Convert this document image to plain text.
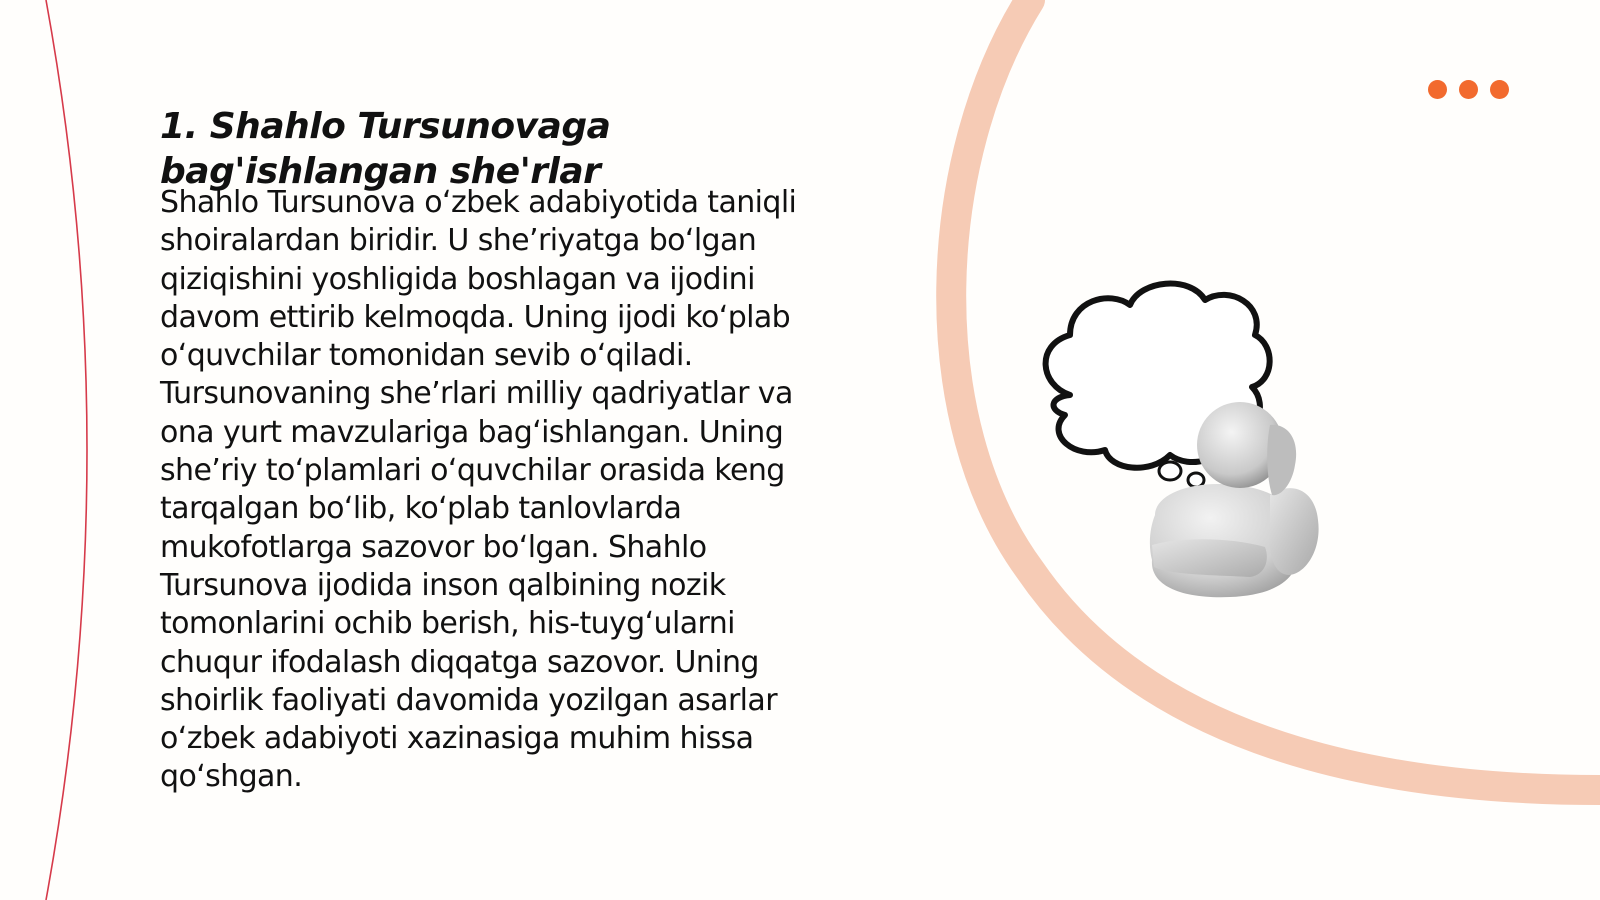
1. Shahlo Tursunovaga bag'ishlangan she'rlar

Shahlo Tursunova o‘zbek adabiyotida taniqli shoiralardan biridir. U she’riyatga bo‘lgan qiziqishini yoshligida boshlagan va ijodini davom ettirib kelmoqda. Uning ijodi ko‘plab o‘quvchilar tomonidan sevib o‘qiladi. Tursunovaning she’rlari milliy qadriyatlar va ona yurt mavzulariga bag‘ishlangan. Uning she’riy to‘plamlari o‘quvchilar orasida keng tarqalgan bo‘lib, ko‘plab tanlovlarda mukofotlarga sazovor bo‘lgan. Shahlo Tursunova ijodida inson qalbining nozik tomonlarini ochib berish, his-tuyg‘ularni chuqur ifodalash diqqatga sazovor. Uning shoirlik faoliyati davomida yozilgan asarlar o‘zbek adabiyoti xazinasiga muhim hissa qo‘shgan.
